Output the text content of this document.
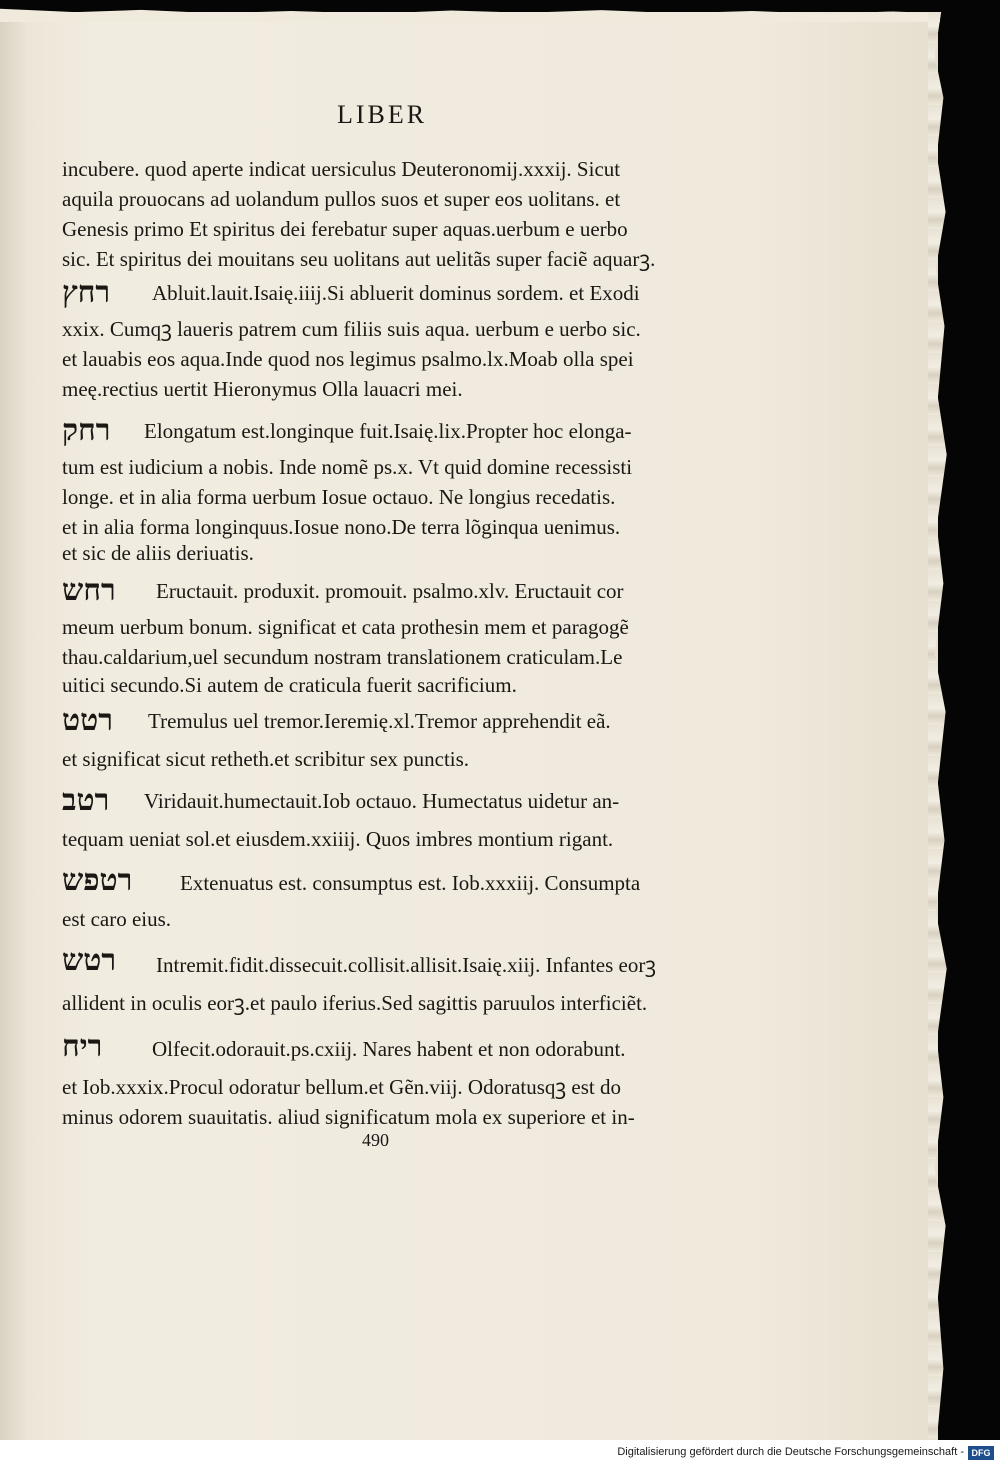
LIBER
incubere. quod aperte indicat uersiculus Deuteronomij.xxxij. Sicut
aquila prouocans ad uolandum pullos suos et super eos uolitans. et
Genesis primo Et spiritus dei ferebatur super aquas.uerbum e uerbo
sic. Et spiritus dei mouitans seu uolitans aut uelitãs super faciẽ aquarꝫ.
רחץ Abluit.lauit.Isaię.iiij.Si abluerit dominus sordem. et Exodi
xxix. Cumqꝫ laueris patrem cum filiis suis aqua. uerbum e uerbo sic.
et lauabis eos aqua.Inde quod nos legimus psalmo.lx.Moab olla spei
meę.rectius uertit Hieronymus Olla lauacri mei.
רחק Elongatum est.longinque fuit.Isaię.lix.Propter hoc elonga-
tum est iudicium a nobis. Inde nomẽ ps.x. Vt quid domine recessisti
longe. et in alia forma uerbum Iosue octauo. Ne longius recedatis.
et in alia forma longinquus.Iosue nono.De terra lõginqua uenimus.
et sic de aliis deriuatis.
רחש Eructauit. produxit. promouit. psalmo.xlv. Eructauit cor
meum uerbum bonum. significat et cata prothesin mem et paragogẽ
thau.caldarium,uel secundum nostram translationem craticulam.Le
uitici secundo.Si autem de craticula fuerit sacrificium.
רטט Tremulus uel tremor.Ieremię.xl.Tremor apprehendit eã.
et significat sicut retheth.et scribitur sex punctis.
רטב Viridauit.humectauit.Iob octauo. Humectatus uidetur an-
tequam ueniat sol.et eiusdem.xxiiij. Quos imbres montium rigant.
רטפש Extenuatus est. consumptus est. Iob.xxxiij. Consumpta
est caro eius.
רטש Intremit.fidit.dissecuit.collisit.allisit.Isaię.xiij. Infantes eorꝫ
allident in oculis eorꝫ.et paulo iferius.Sed sagittis paruulos interficiẽt.
ריח Olfecit.odorauit.ps.cxiij. Nares habent et non odorabunt.
et Iob.xxxix.Procul odoratur bellum.et Gẽn.viij. Odoratusqꝫ est do
minus odorem suauitatis. aliud significatum mola ex superiore et in-
490
Digitalisierung gefördert durch die Deutsche Forschungsgemeinschaft - DFG
